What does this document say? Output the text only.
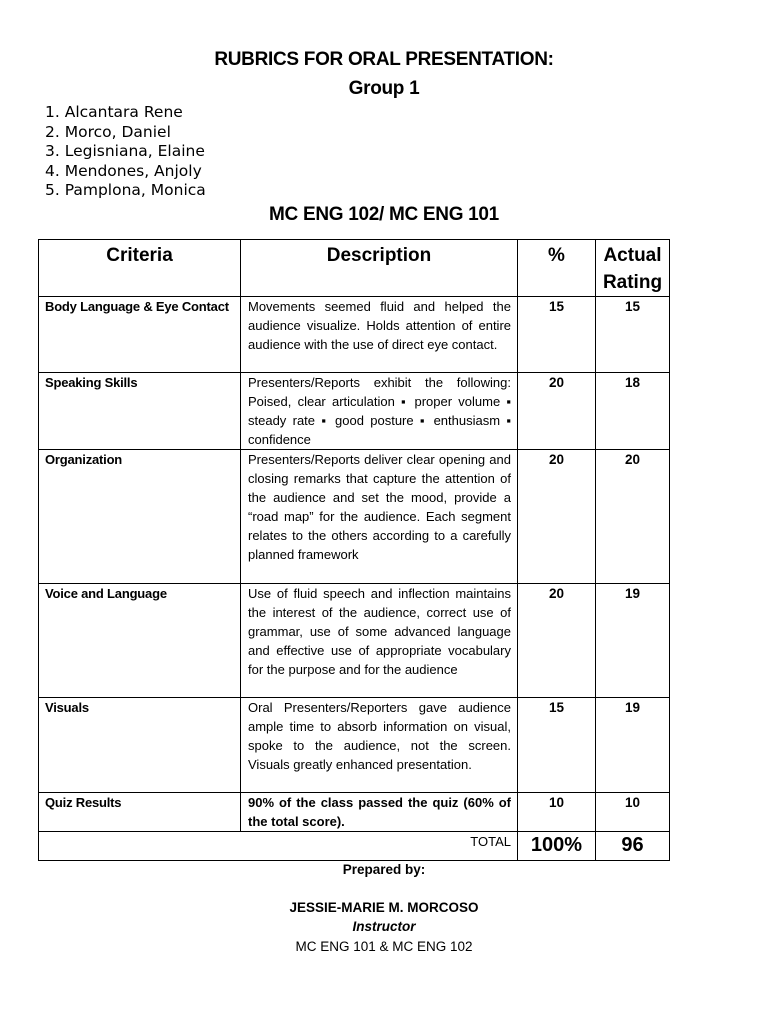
RUBRICS FOR ORAL PRESENTATION:
Group 1
1. Alcantara Rene
2. Morco, Daniel
3. Legisniana, Elaine
4. Mendones, Anjoly
5. Pamplona, Monica
MC ENG 102/ MC ENG 101
Criteria	Description	%	Actual Rating
Body Language & Eye Contact	Movements seemed fluid and helped the audience visualize. Holds attention of entire audience with the use of direct eye contact.	15	15
Speaking Skills	Presenters/Reports exhibit the following: Poised, clear articulation ▪ proper volume ▪ steady rate ▪ good posture ▪ enthusiasm ▪ confidence	20	18
Organization	Presenters/Reports deliver clear opening and closing remarks that capture the attention of the audience and set the mood, provide a “road map” for the audience. Each segment relates to the others according to a carefully planned framework	20	20
Voice and Language	Use of fluid speech and inflection maintains the interest of the audience, correct use of grammar, use of some advanced language and effective use of appropriate vocabulary for the purpose and for the audience	20	19
Visuals	Oral Presenters/Reporters gave audience ample time to absorb information on visual, spoke to the audience, not the screen. Visuals greatly enhanced presentation.	15	19
Quiz Results	90% of the class passed the quiz (60% of the total score).	10	10
TOTAL		100%	96
Prepared by:
JESSIE-MARIE M. MORCOSO
Instructor
MC ENG 101 & MC ENG 102
